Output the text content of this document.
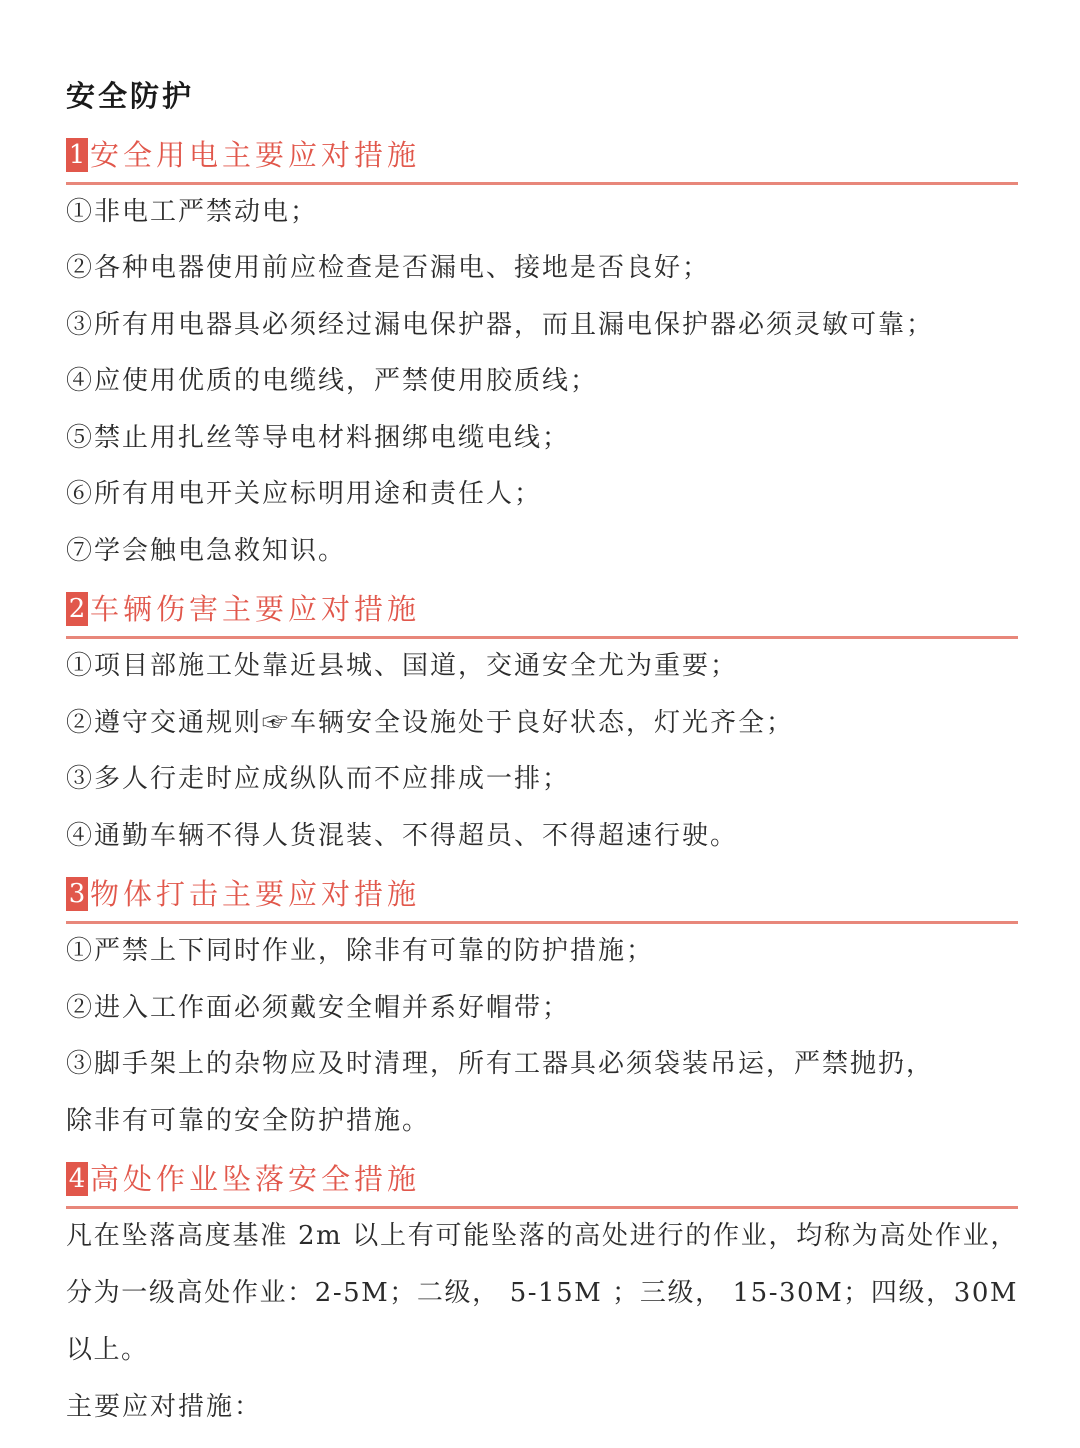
安全防护
1 安全用电主要应对措施
①非电工严禁动电；
②各种电器使用前应检查是否漏电、接地是否良好；
③所有用电器具必须经过漏电保护器，而且漏电保护器必须灵敏可靠；
④应使用优质的电缆线，严禁使用胶质线；
⑤禁止用扎丝等导电材料捆绑电缆电线；
⑥所有用电开关应标明用途和责任人；
⑦学会触电急救知识。
2 车辆伤害主要应对措施
①项目部施工处靠近县城、国道，交通安全尤为重要；
②遵守交通规则☞车辆安全设施处于良好状态，灯光齐全；
③多人行走时应成纵队而不应排成一排；
④通勤车辆不得人货混装、不得超员、不得超速行驶。
3 物体打击主要应对措施
①严禁上下同时作业，除非有可靠的防护措施；
②进入工作面必须戴安全帽并系好帽带；
③脚手架上的杂物应及时清理，所有工器具必须袋装吊运，严禁抛扔，
除非有可靠的安全防护措施。
4 高处作业坠落安全措施
凡在坠落高度基准 2m 以上有可能坠落的高处进行的作业，均称为高处作业，分为一级高处作业：2-5M；二级， 5-15M ；三级， 15-30M；四级，30M 以上。
主要应对措施：
